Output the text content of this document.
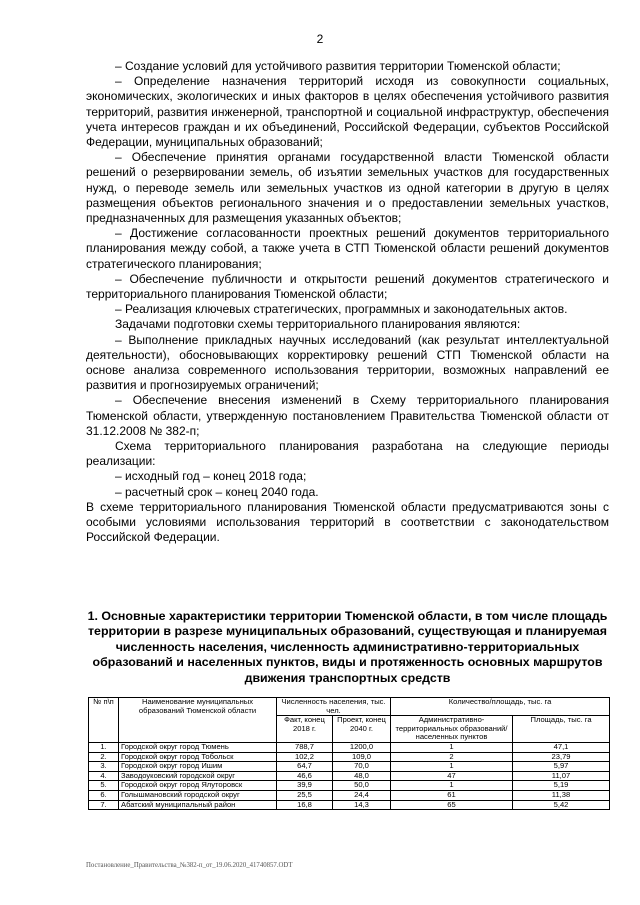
2

– Создание условий для устойчивого развития территории Тюменской области;

– Определение назначения территорий исходя из совокупности социальных, экономических, экологических и иных факторов в целях обеспечения устойчивого развития территорий, развития инженерной, транспортной и социальной инфраструктур, обеспечения учета интересов граждан и их объединений, Российской Федерации, субъектов Российской Федерации, муниципальных образований;

– Обеспечение принятия органами государственной власти Тюменской области решений о резервировании земель, об изъятии земельных участков для государственных нужд, о переводе земель или земельных участков из одной категории в другую в целях размещения объектов регионального значения и о предоставлении земельных участков, предназначенных для размещения указанных объектов;

– Достижение согласованности проектных решений документов территориального планирования между собой, а также учета в СТП Тюменской области решений документов стратегического планирования;

– Обеспечение публичности и открытости решений документов стратегического и территориального планирования Тюменской области;

– Реализация ключевых стратегических, программных и законодательных актов.

Задачами подготовки схемы территориального планирования являются:

– Выполнение прикладных научных исследований (как результат интеллектуальной деятельности), обосновывающих корректировку решений СТП Тюменской области на основе анализа современного использования территории, возможных направлений ее развития и прогнозируемых ограничений;

– Обеспечение внесения изменений в Схему территориального планирования Тюменской области, утвержденную постановлением Правительства Тюменской области от 31.12.2008 № 382-п;

Схема территориального планирования разработана на следующие периоды реализации:

– исходный год – конец 2018 года;

– расчетный срок – конец 2040 года.

В схеме территориального планирования Тюменской области предусматриваются зоны с особыми условиями использования территорий в соответствии с законодательством Российской Федерации.

1. Основные характеристики территории Тюменской области, в том числе площадь территории в разрезе муниципальных образований, существующая и планируемая численность населения, численность административно-территориальных образований и населенных пунктов, виды и протяженность основных маршрутов движения транспортных средств
№ п\п	Наименование муниципальных образований Тюменской области	Численность населения, тыс. чел.		Количество/площадь, тыс. га	
		Факт, конец 2018 г.	Проект, конец 2040 г.	Административно-территориальных образований/ населенных пунктов	Площадь, тыс. га
1.	Городской округ город Тюмень	788,7	1200,0	1	47,1
2.	Городской округ город Тобольск	102,2	109,0	2	23,79
3.	Городской округ город Ишим	64,7	70,0	1	5,97
4.	Заводоуковский городской округ	46,6	48,0	47	11,07
5.	Городской округ город Ялуторовск	39,9	50,0	1	5,19
6.	Голышмановский городской округ	25,5	24,4	61	11,38
7.	Абатский муниципальный район	16,8	14,3	65	5,42
Постановление_Правительства_№382-п_от_19.06.2020_41740857.ODT
